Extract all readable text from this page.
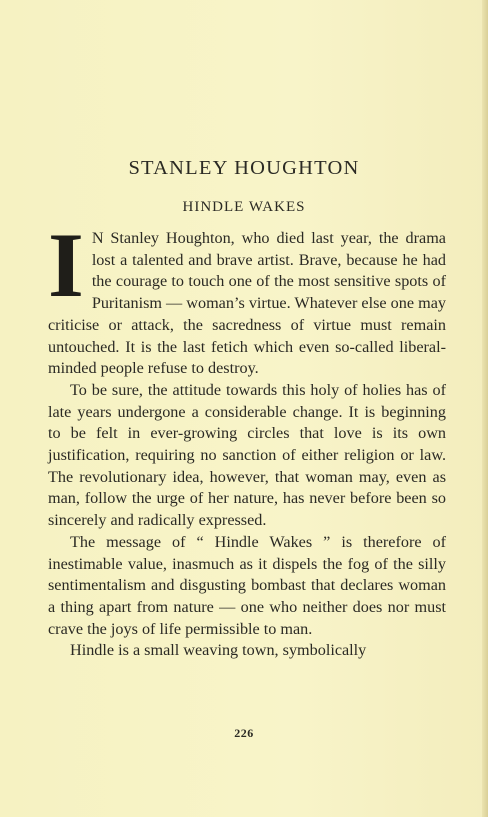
STANLEY HOUGHTON
HINDLE WAKES

I N Stanley Houghton, who died last year, the drama lost a talented and brave artist. Brave, because he had the courage to touch one of the most sensitive spots of Puritanism — woman’s virtue. Whatever else one may criticise or attack, the sacredness of virtue must remain untouched. It is the last fetich which even so-called liberal-minded people refuse to destroy.

To be sure, the attitude towards this holy of holies has of late years undergone a considerable change. It is beginning to be felt in ever-growing circles that love is its own justification, requiring no sanction of either religion or law. The revolutionary idea, however, that woman may, even as man, follow the urge of her nature, has never before been so sincerely and radically expressed.

The message of “ Hindle Wakes ” is therefore of inestimable value, inasmuch as it dispels the fog of the silly sentimentalism and disgusting bombast that declares woman a thing apart from nature — one who neither does nor must crave the joys of life permissible to man.

Hindle is a small weaving town, symbolically

226
